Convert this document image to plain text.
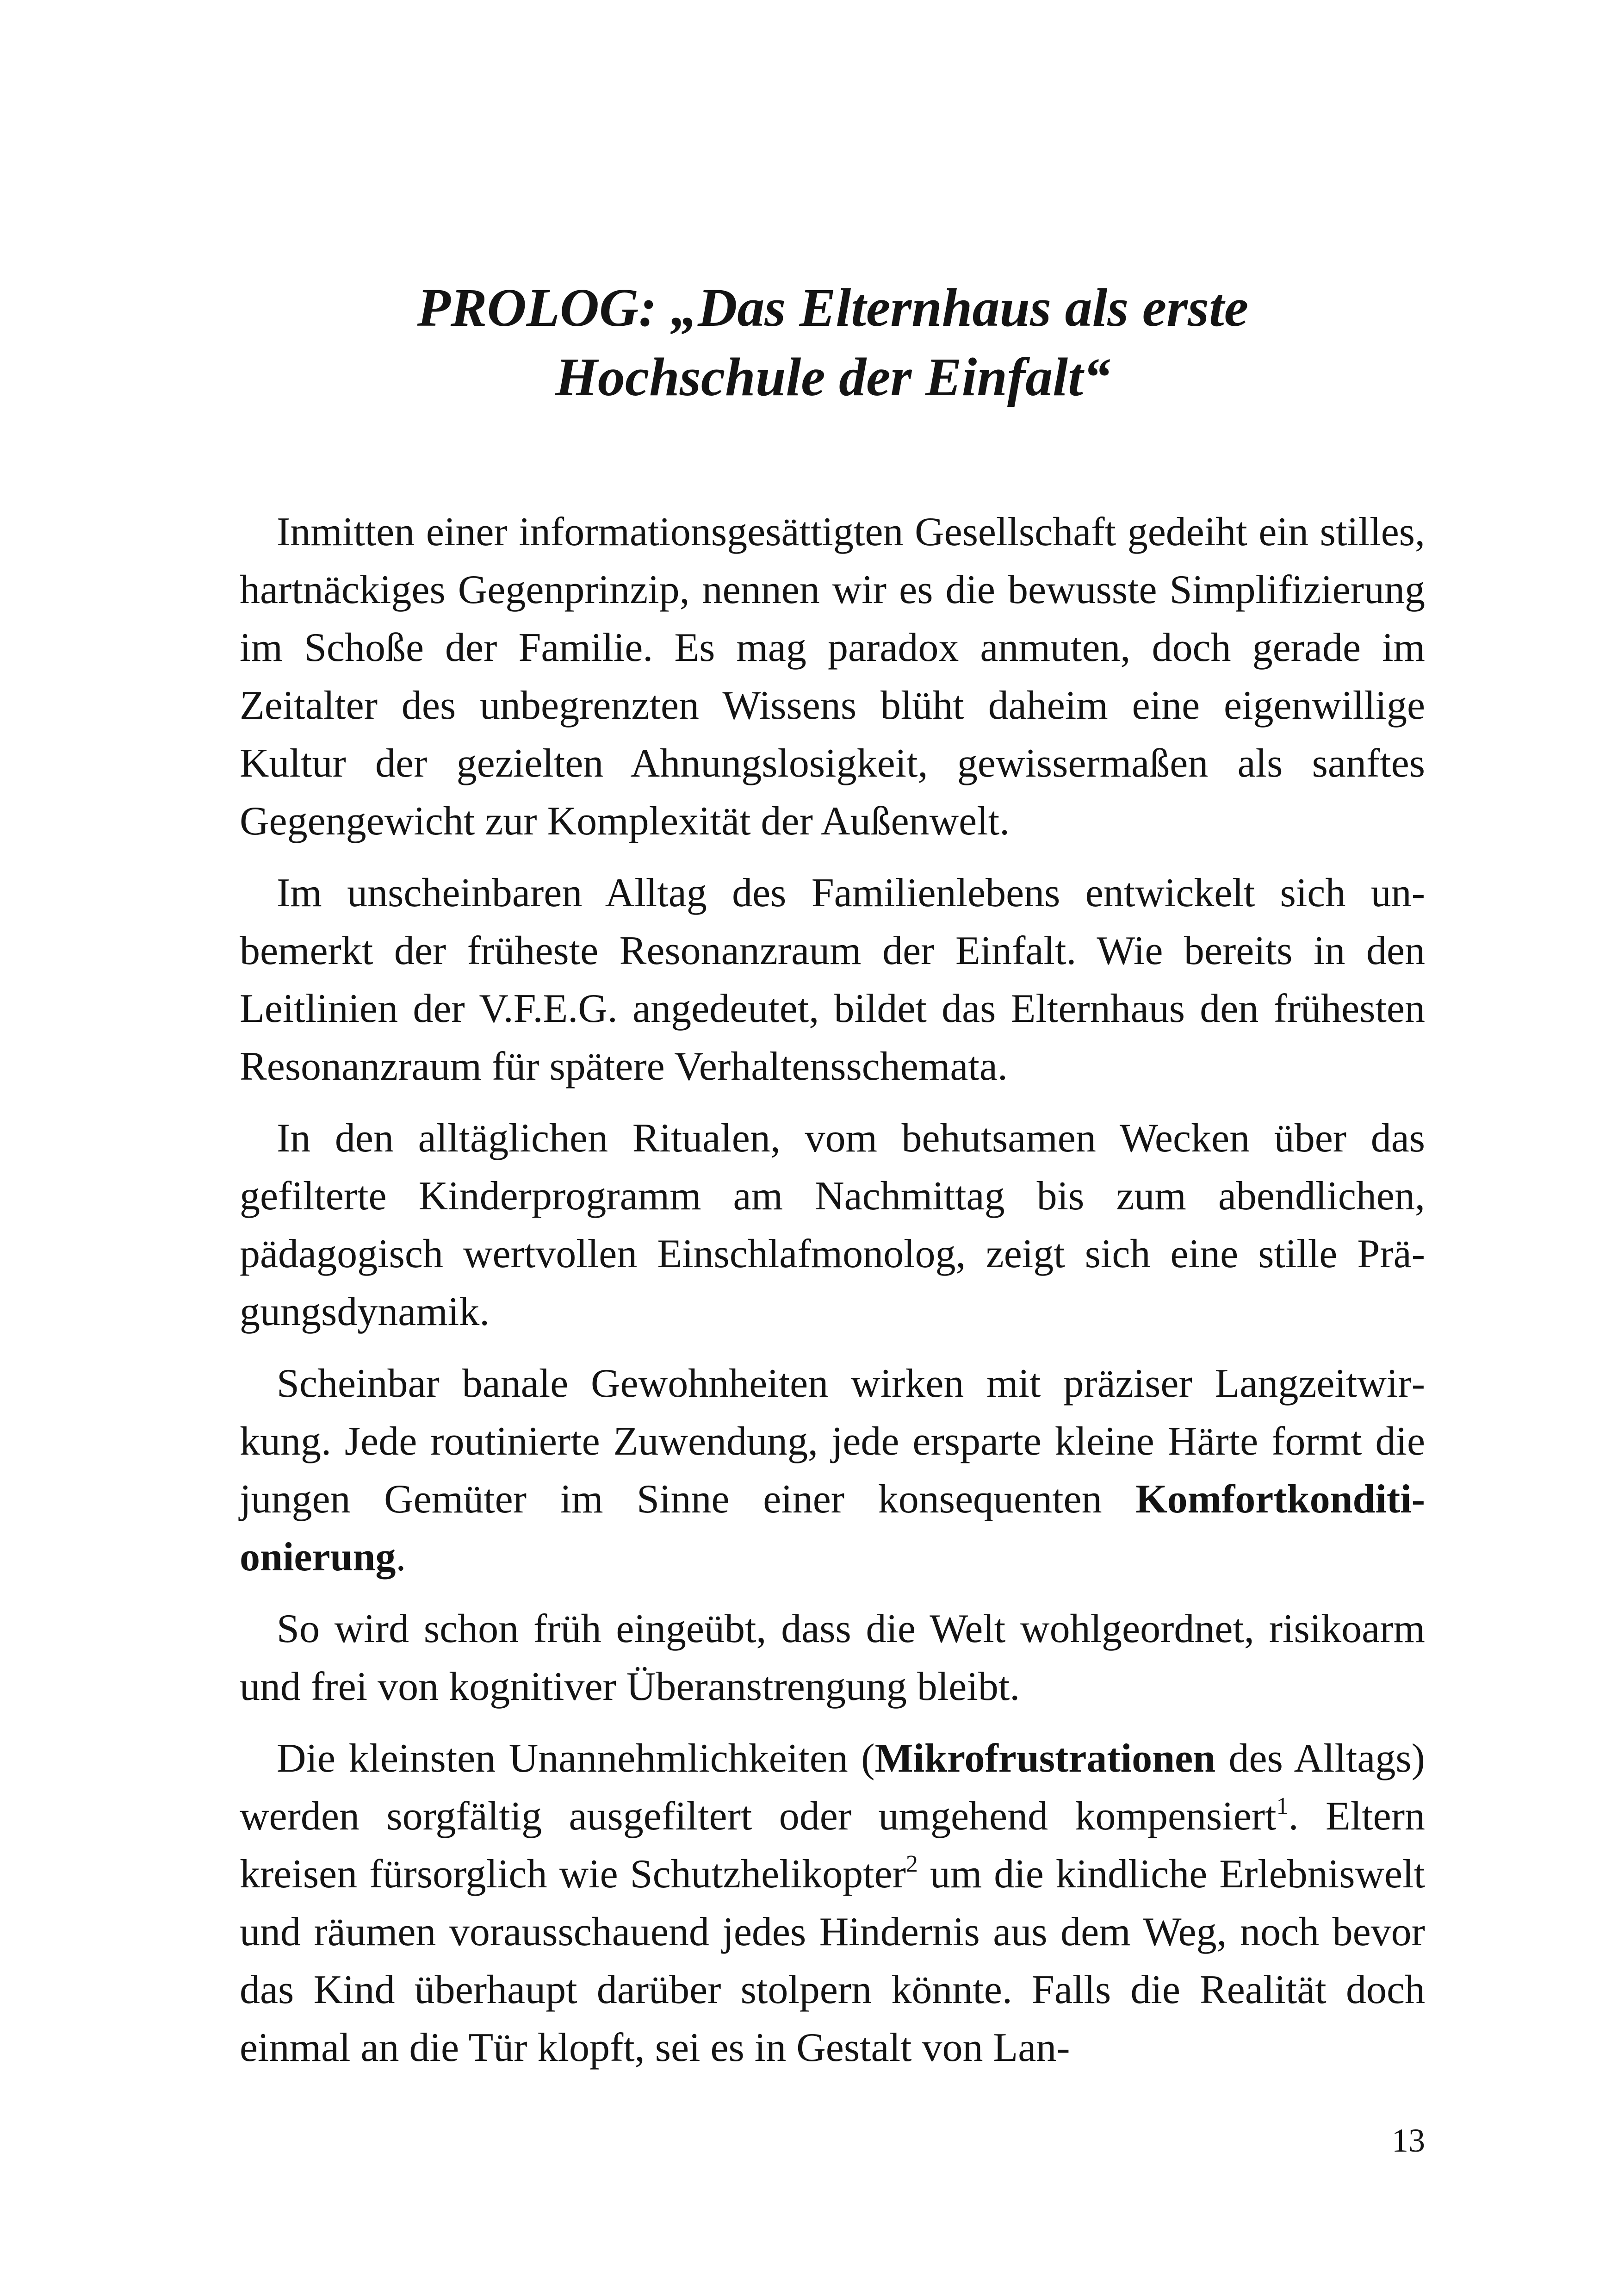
PROLOG: „Das Elternhaus als erste
Hochschule der Einfalt“

Inmitten einer informationsgesättigten Gesellschaft gedeiht ein stilles, hartnäckiges Gegenprinzip, nennen wir es die bewusste Simplifizierung im Schoße der Familie. Es mag paradox anmuten, doch gerade im Zeitalter des unbegrenzten Wissens blüht daheim eine eigenwillige Kultur der gezielten Ahnungslosigkeit, gewissermaßen als sanftes Gegengewicht zur Komplexität der Außenwelt.

Im unscheinbaren Alltag des Familienlebens entwickelt sich unbemerkt der früheste Resonanzraum der Einfalt. Wie bereits in den Leitlinien der V.F.E.G. angedeutet, bildet das Elternhaus den frühesten Resonanzraum für spätere Verhaltensschemata.

In den alltäglichen Ritualen, vom behutsamen Wecken über das gefilterte Kinderprogramm am Nachmittag bis zum abendlichen, pädagogisch wertvollen Einschlafmonolog, zeigt sich eine stille Prägungsdynamik.

Scheinbar banale Gewohnheiten wirken mit präziser Langzeitwirkung. Jede routinierte Zuwendung, jede ersparte kleine Härte formt die jungen Gemüter im Sinne einer konsequenten Komfortkonditionierung.

So wird schon früh eingeübt, dass die Welt wohlgeordnet, risikoarm und frei von kognitiver Überanstrengung bleibt.

Die kleinsten Unannehmlichkeiten (Mikrofrustrationen des Alltags) werden sorgfältig ausgefiltert oder umgehend kompensiert$^1$. Eltern kreisen fürsorglich wie Schutzhelikopter$^2$ um die kindliche Erlebniswelt und räumen vorausschauend jedes Hindernis aus dem Weg, noch bevor das Kind überhaupt darüber stolpern könnte. Falls die Realität doch einmal an die Tür klopft, sei es in Gestalt von Lan-

13
